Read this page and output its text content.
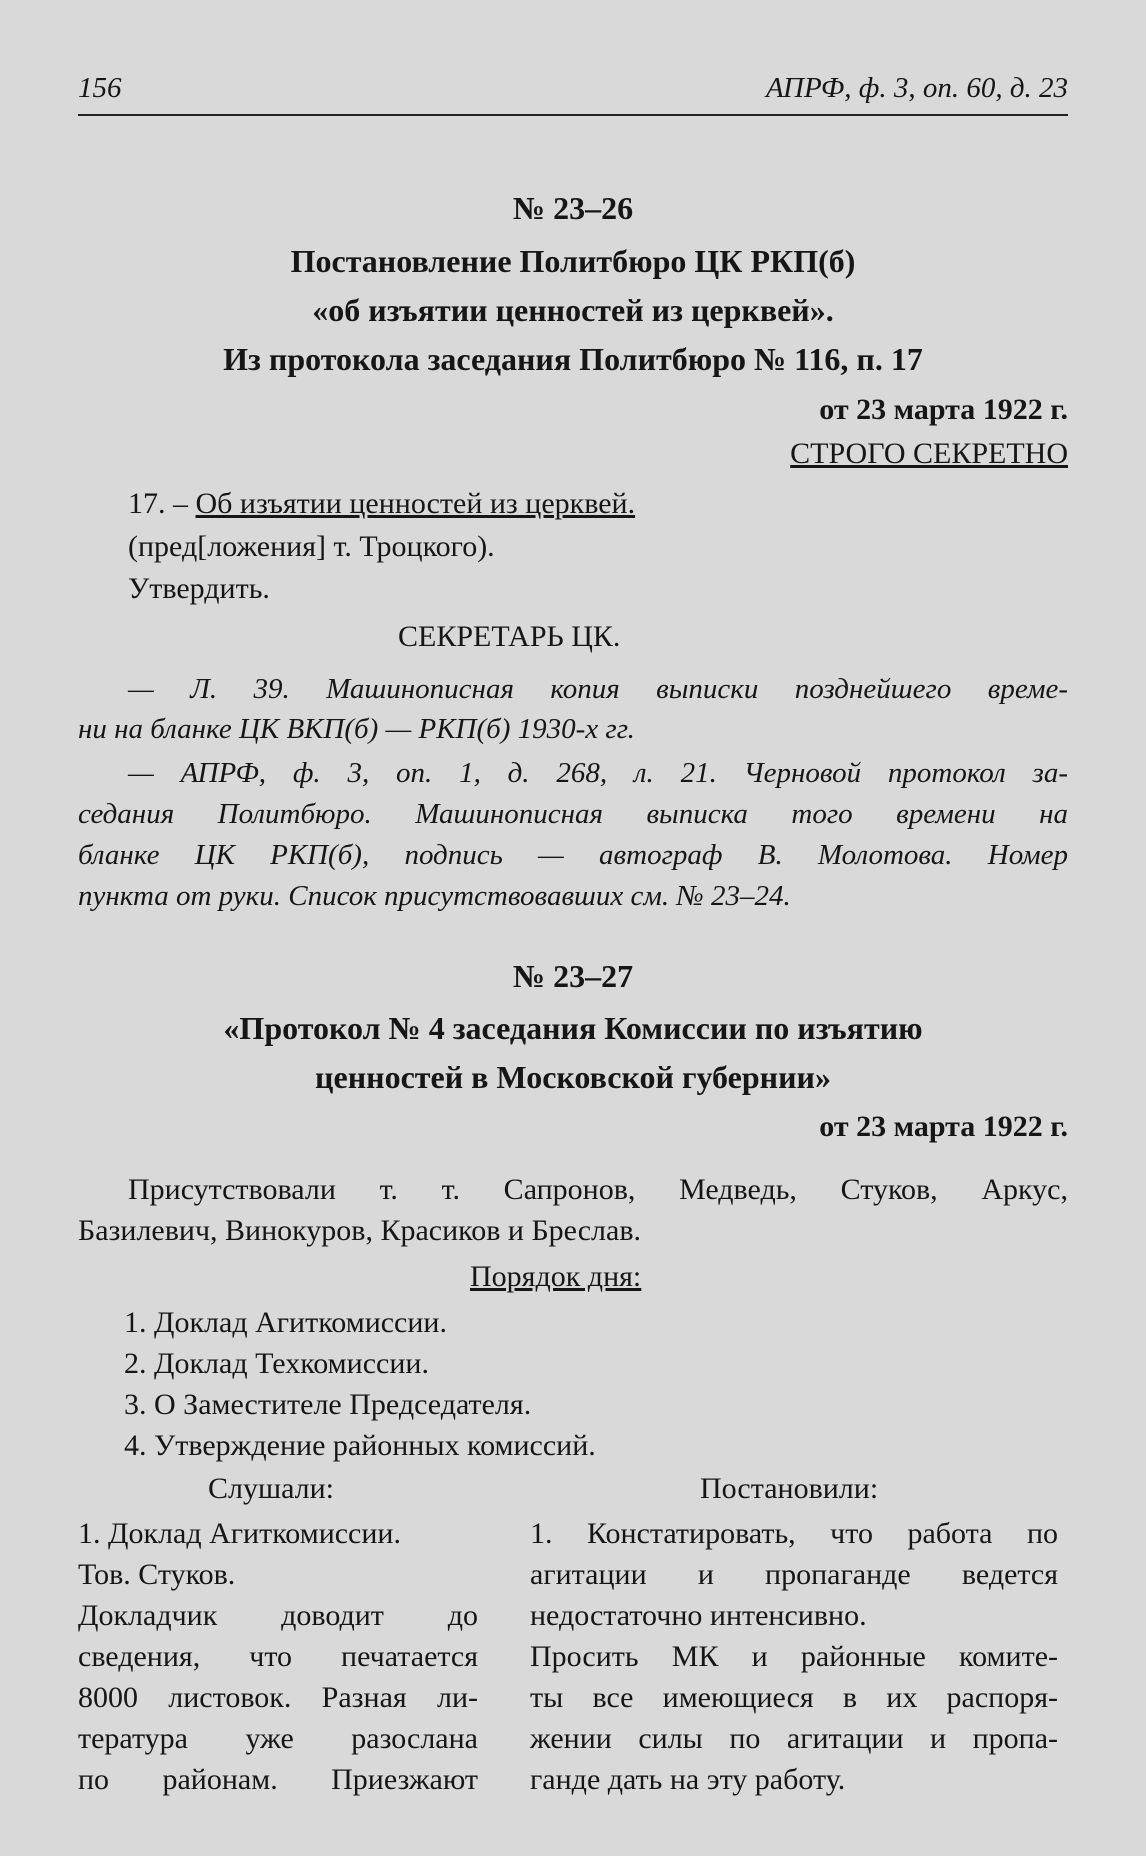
156	АПРФ, ф. 3, оп. 60, д. 23
№ 23–26
Постановление Политбюро ЦК РКП(б)
«об изъятии ценностей из церквей».
Из протокола заседания Политбюро № 116, п. 17
от 23 марта 1922 г.
СТРОГО СЕКРЕТНО
17. – Об изъятии ценностей из церквей.
(пред[ложения] т. Троцкого).
Утвердить.
СЕКРЕТАРЬ ЦК.
— Л. 39. Машинописная копия выписки позднейшего време-
ни на бланке ЦК ВКП(б) — РКП(б) 1930-х гг.
— АПРФ, ф. 3, оп. 1, д. 268, л. 21. Черновой протокол за-
седания Политбюро. Машинописная выписка того времени на
бланке ЦК РКП(б), подпись — автограф В. Молотова. Номер
пункта от руки. Список присутствовавших см. № 23–24.
№ 23–27
«Протокол № 4 заседания Комиссии по изъятию
ценностей в Московской губернии»
от 23 марта 1922 г.
Присутствовали т. т. Сапронов, Медведь, Стуков, Аркус,
Базилевич, Винокуров, Красиков и Бреслав.
Порядок дня:
1. Доклад Агиткомиссии.
2. Доклад Техкомиссии.
3. О Заместителе Председателя.
4. Утверждение районных комиссий.
Слушали:	Постановили:
1. Доклад Агиткомиссии.
Тов. Стуков.
Докладчик доводит до
сведения, что печатается
8000 листовок. Разная ли-
тература уже разослана
по районам. Приезжают
1. Констатировать, что работа по
агитации и пропаганде ведется
недостаточно интенсивно.
Просить МК и районные комите-
ты все имеющиеся в их распоря-
жении силы по агитации и пропа-
ганде дать на эту работу.
